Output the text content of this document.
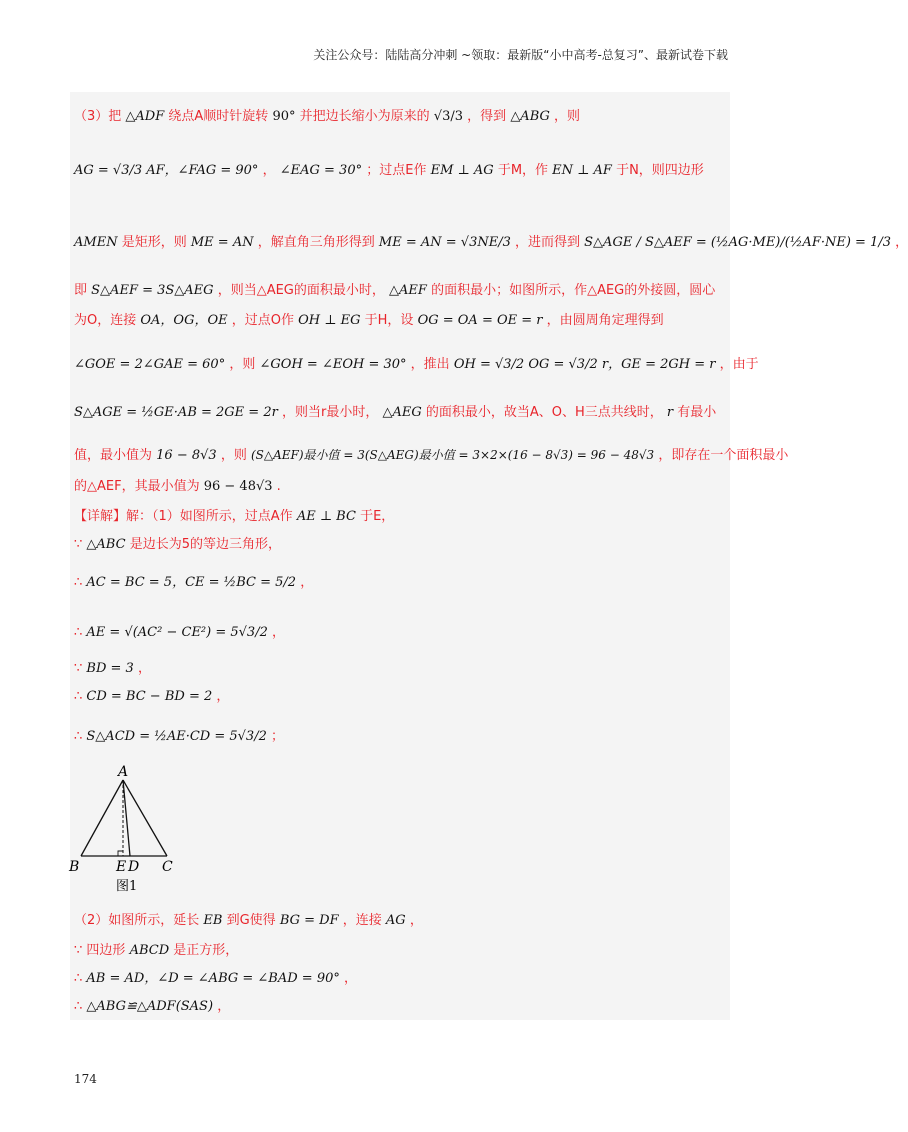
关注公众号：陆陆高分冲刺 ~领取：最新版“小中高考-总复习”、最新试卷下载
（3）把 △ADF 绕点A顺时针旋转 90° 并把边长缩小为原来的 √3/3 ，得到 △ABG ，则
AG = √3/3 AF，∠FAG = 90° ， ∠EAG = 30° ；过点E作 EM ⊥ AG 于M，作 EN ⊥ AF 于N，则四边形
AMEN 是矩形，则 ME = AN ，解直角三角形得到 ME = AN = √3NE/3 ，进而得到 S△AGE / S△AEF = (½AG·ME)/(½AF·NE) = 1/3 ，
即 S△AEF = 3S△AEG ，则当△AEG的面积最小时， △AEF 的面积最小；如图所示，作△AEG的外接圆，圆心
为O，连接 OA，OG，OE ，过点O作 OH ⊥ EG 于H，设 OG = OA = OE = r ，由圆周角定理得到
∠GOE = 2∠GAE = 60° ，则 ∠GOH = ∠EOH = 30° ，推出 OH = √3/2 OG = √3/2 r，GE = 2GH = r ，由于
S△AGE = ½GE·AB = 2GE = 2r ，则当r最小时， △AEG 的面积最小，故当A、O、H三点共线时， r 有最小
值，最小值为 16 − 8√3 ，则 (S△AEF)最小值 = 3(S△AEG)最小值 = 3×2×(16 − 8√3) = 96 − 48√3 ，即存在一个面积最小
的△AEF，其最小值为 96 − 48√3 .
【详解】解：（1）如图所示，过点A作 AE ⊥ BC 于E，
∵ △ABC 是边长为5的等边三角形，
∴ AC = BC = 5，CE = ½BC = 5/2 ，
∴ AE = √(AC² − CE²) = 5√3/2 ，
∵ BD = 3 ，
∴ CD = BC − BD = 2 ，
∴ S△ACD = ½AE·CD = 5√3/2 ；
A
B	E D C
图1
（2）如图所示，延长 EB 到G使得 BG = DF ，连接 AG ，
∵ 四边形 ABCD 是正方形，
∴ AB = AD，∠D = ∠ABG = ∠BAD = 90° ，
∴ △ABG≌△ADF(SAS) ，
174
